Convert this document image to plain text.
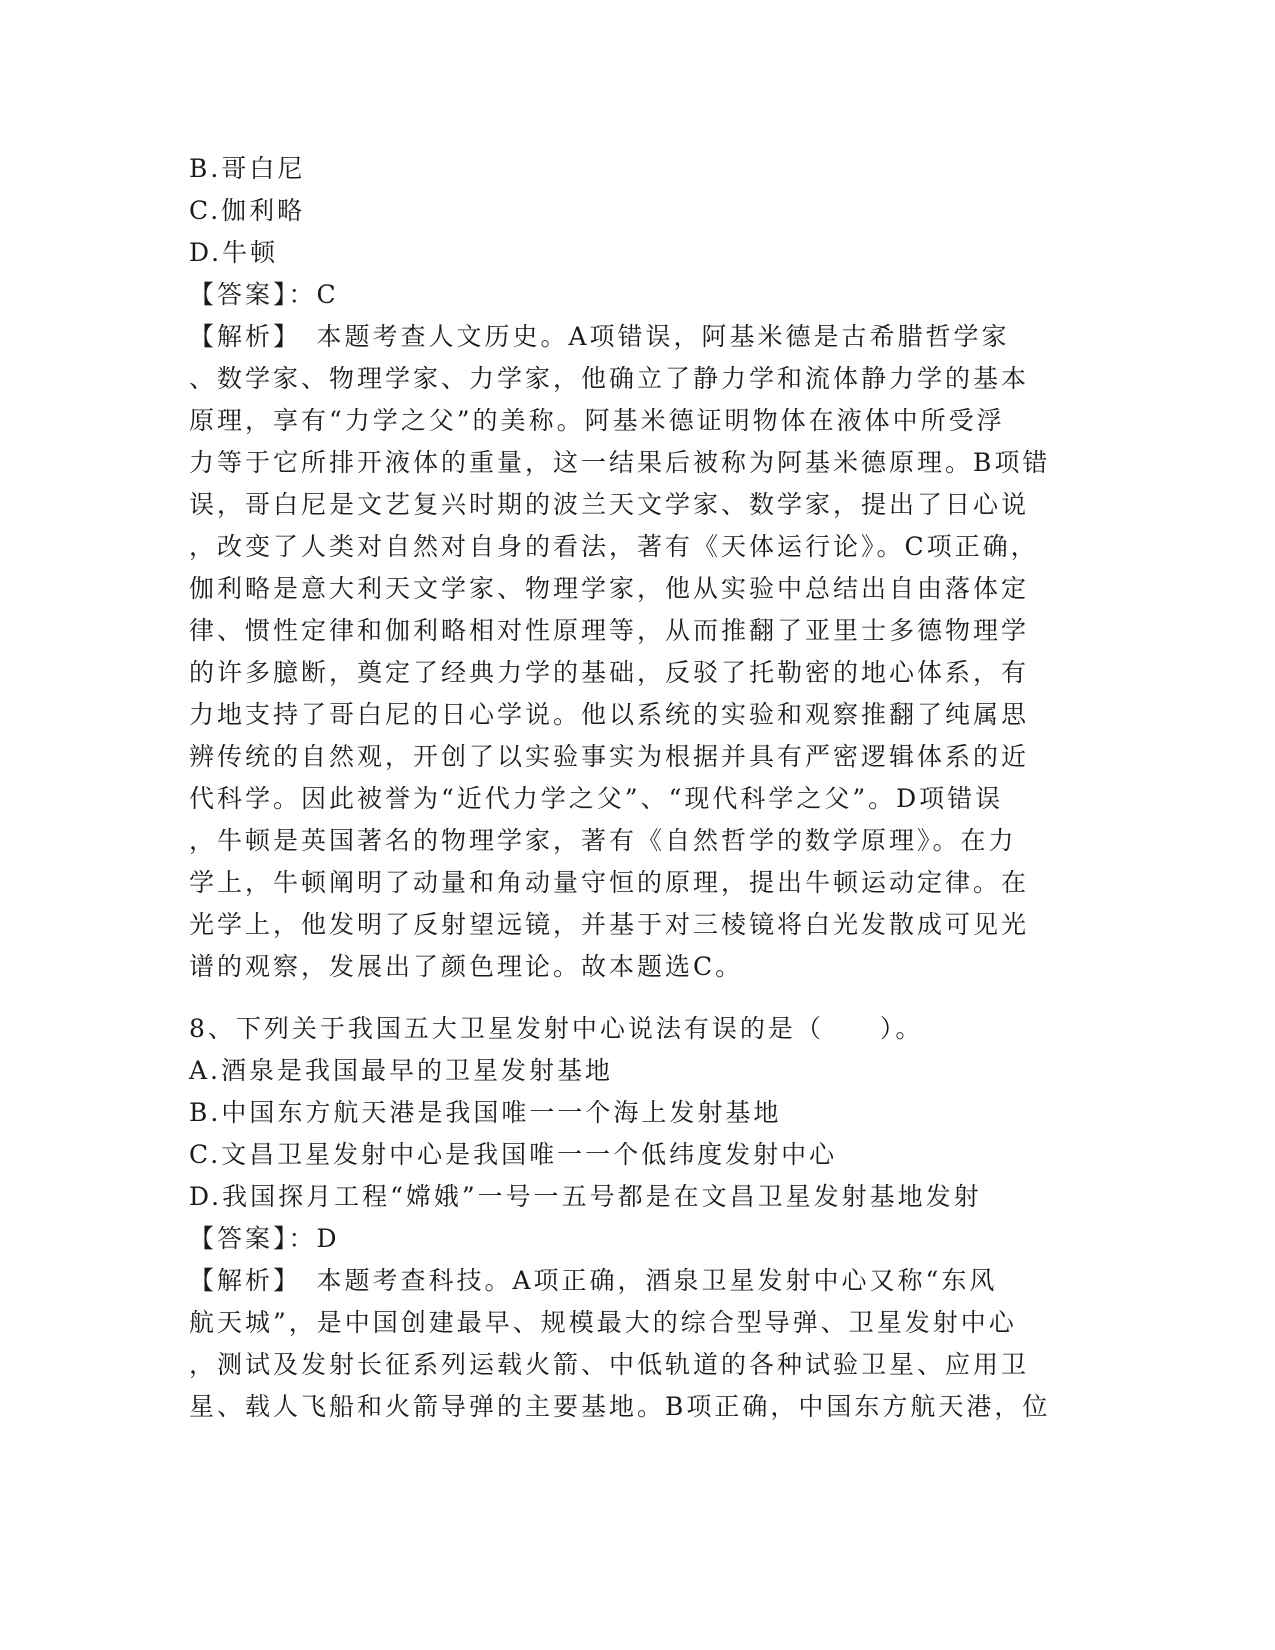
B.哥白尼
C.伽利略
D.牛顿
【答案】：C
【解析】　本题考查人文历史。A项错误，阿基米德是古希腊哲学家
、数学家、物理学家、力学家，他确立了静力学和流体静力学的基本
原理，享有“力学之父”的美称。阿基米德证明物体在液体中所受浮
力等于它所排开液体的重量，这一结果后被称为阿基米德原理。B项错
误，哥白尼是文艺复兴时期的波兰天文学家、数学家，提出了日心说
，改变了人类对自然对自身的看法，著有《天体运行论》。C项正确，
伽利略是意大利天文学家、物理学家，他从实验中总结出自由落体定
律、惯性定律和伽利略相对性原理等，从而推翻了亚里士多德物理学
的许多臆断，奠定了经典力学的基础，反驳了托勒密的地心体系，有
力地支持了哥白尼的日心学说。他以系统的实验和观察推翻了纯属思
辨传统的自然观，开创了以实验事实为根据并具有严密逻辑体系的近
代科学。因此被誉为“近代力学之父”、“现代科学之父”。D项错误
，牛顿是英国著名的物理学家，著有《自然哲学的数学原理》。在力
学上，牛顿阐明了动量和角动量守恒的原理，提出牛顿运动定律。在
光学上，他发明了反射望远镜，并基于对三棱镜将白光发散成可见光
谱的观察，发展出了颜色理论。故本题选C。
8、下列关于我国五大卫星发射中心说法有误的是（　　）。
A.酒泉是我国最早的卫星发射基地
B.中国东方航天港是我国唯一一个海上发射基地
C.文昌卫星发射中心是我国唯一一个低纬度发射中心
D.我国探月工程“嫦娥”一号一五号都是在文昌卫星发射基地发射
【答案】：D
【解析】　本题考查科技。A项正确，酒泉卫星发射中心又称“东风
航天城”，是中国创建最早、规模最大的综合型导弹、卫星发射中心
，测试及发射长征系列运载火箭、中低轨道的各种试验卫星、应用卫
星、载人飞船和火箭导弹的主要基地。B项正确，中国东方航天港，位
